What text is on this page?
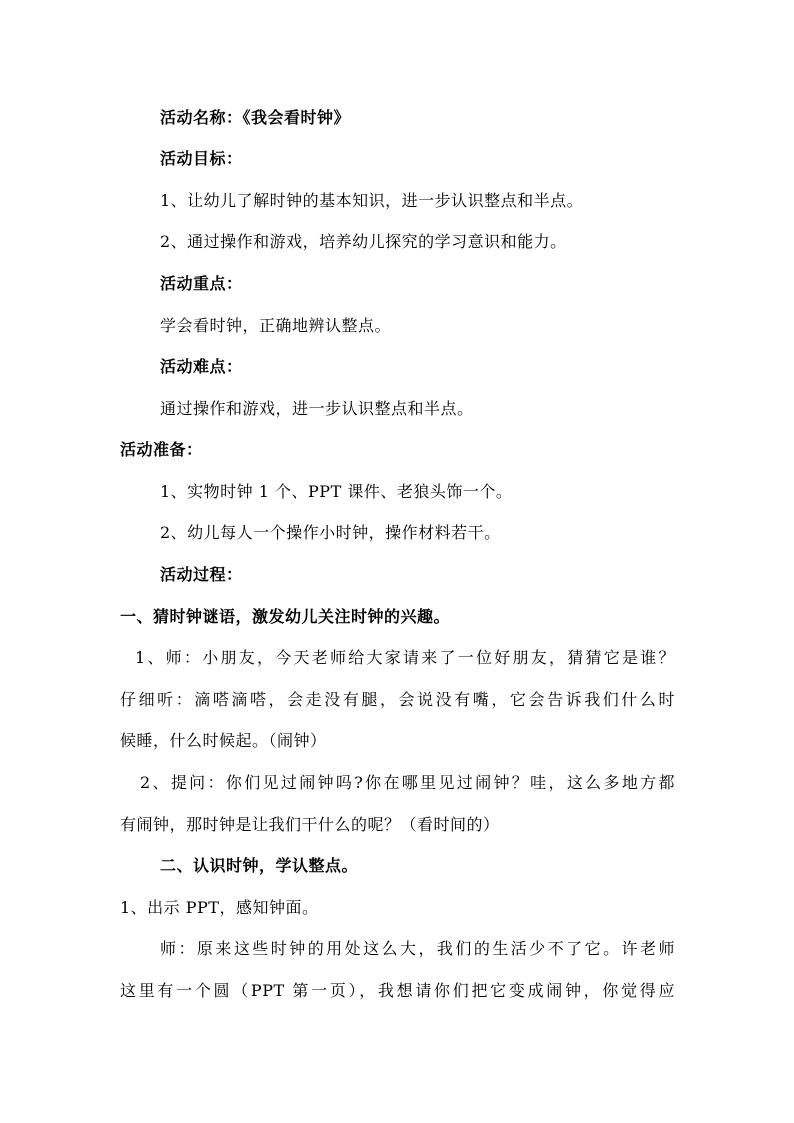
活动名称：《我会看时钟》
活动目标：
1、让幼儿了解时钟的基本知识，进一步认识整点和半点。
2、通过操作和游戏，培养幼儿探究的学习意识和能力。
活动重点：
学会看时钟，正确地辨认整点。
活动难点：
通过操作和游戏，进一步认识整点和半点。
活动准备：
1、实物时钟 1 个、PPT 课件、老狼头饰一个。
2、幼儿每人一个操作小时钟，操作材料若干。
活动过程：
一、猜时钟谜语，激发幼儿关注时钟的兴趣。
1、师：小朋友，今天老师给大家请来了一位好朋友，猜猜它是谁？
仔细听：滴嗒滴嗒，会走没有腿，会说没有嘴，它会告诉我们什么时
候睡，什么时候起。（闹钟）
2、提问：你们见过闹钟吗?你在哪里见过闹钟？哇，这么多地方都
有闹钟，那时钟是让我们干什么的呢？（看时间的）
二、认识时钟，学认整点。
1、出示 PPT，感知钟面。
师：原来这些时钟的用处这么大，我们的生活少不了它。许老师
这里有一个圆（PPT 第一页），我想请你们把它变成闹钟，你觉得应
